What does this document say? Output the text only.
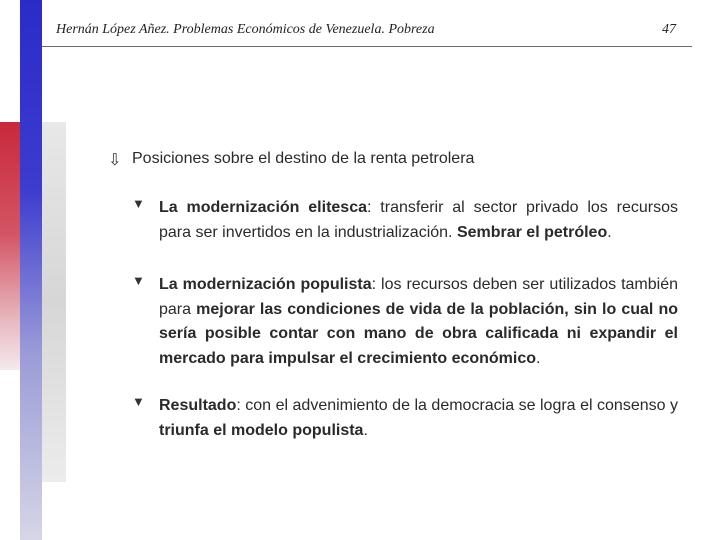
Hernán López Añez. Problemas Económicos de Venezuela. Pobreza	47
⇩ Posiciones sobre el destino de la renta petrolera
▼ La modernización elitesca: transferir al sector privado los recursos para ser invertidos en la industrialización. Sembrar el petróleo.
▼ La modernización populista: los recursos deben ser utilizados también para mejorar las condiciones de vida de la población, sin lo cual no sería posible contar con mano de obra calificada ni expandir el mercado para impulsar el crecimiento económico.
▼ Resultado: con el advenimiento de la democracia se logra el consenso y triunfa el modelo populista.
